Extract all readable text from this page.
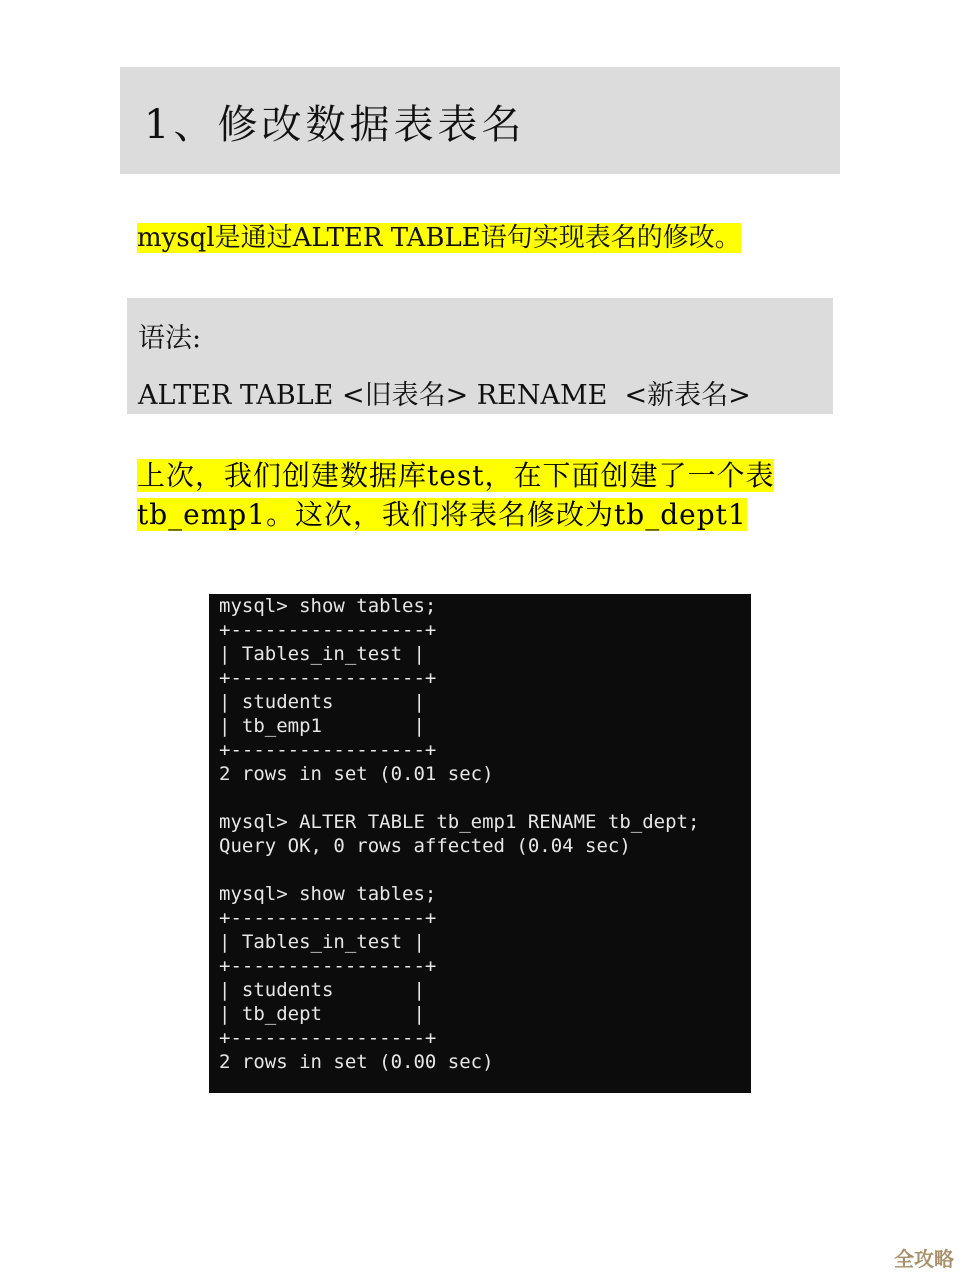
1、修改数据表表名
mysql是通过ALTER TABLE语句实现表名的修改。
语法:
ALTER TABLE <旧表名> RENAME  <新表名>
上次，我们创建数据库test，在下面创建了一个表
tb_emp1。这次，我们将表名修改为tb_dept1
mysql> show tables;
+-----------------+
| Tables_in_test |
+-----------------+
| students       |
| tb_emp1        |
+-----------------+
2 rows in set (0.01 sec)

mysql> ALTER TABLE tb_emp1 RENAME tb_dept;
Query OK, 0 rows affected (0.04 sec)

mysql> show tables;
+-----------------+
| Tables_in_test |
+-----------------+
| students       |
| tb_dept        |
+-----------------+
2 rows in set (0.00 sec)
全攻略
